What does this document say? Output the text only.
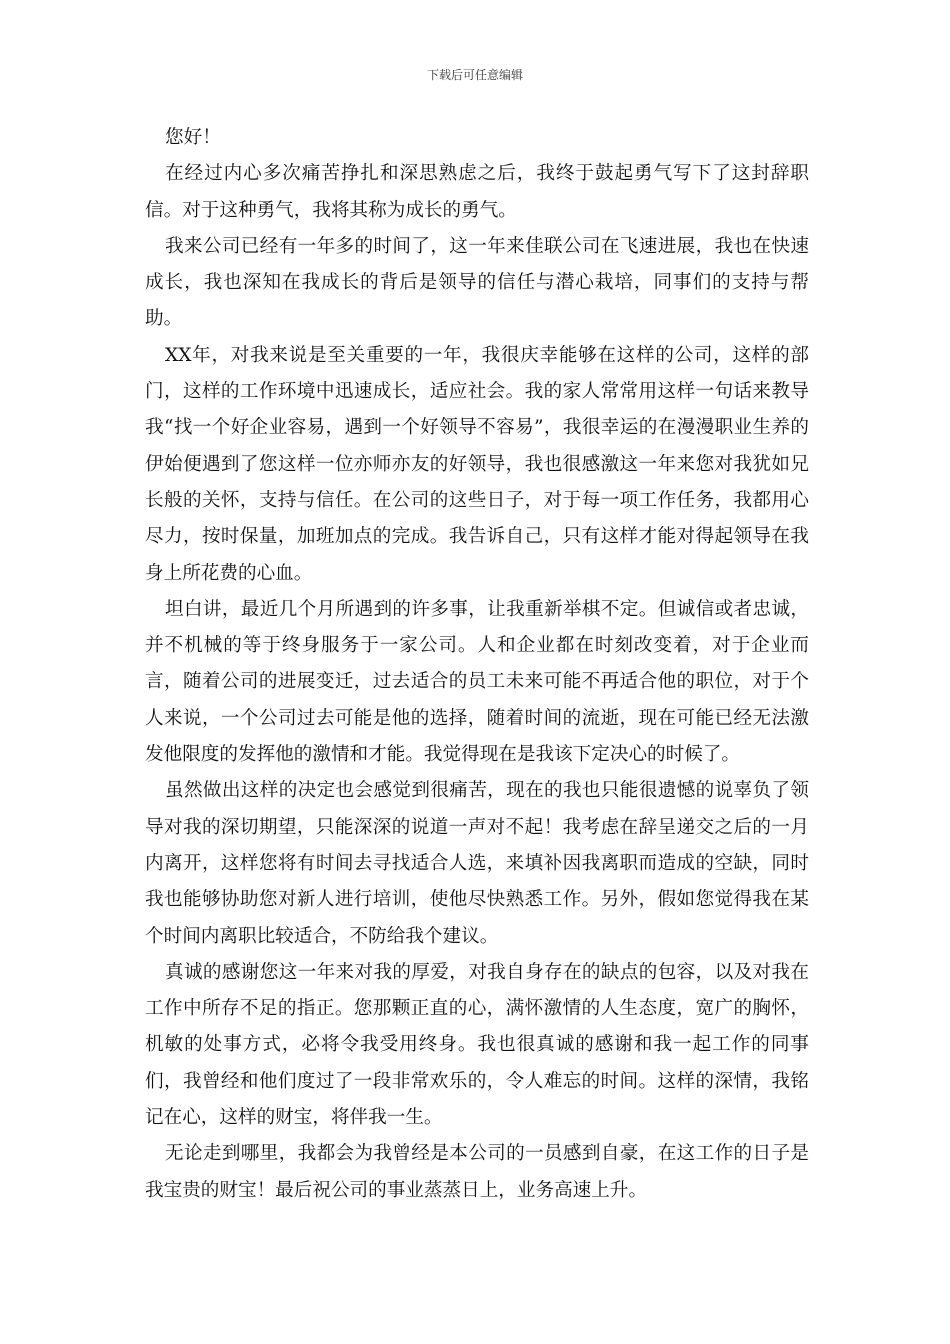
下载后可任意编辑

您好！

在经过内心多次痛苦挣扎和深思熟虑之后，我终于鼓起勇气写下了这封辞职信。对于这种勇气，我将其称为成长的勇气。

我来公司已经有一年多的时间了，这一年来佳联公司在飞速进展，我也在快速成长，我也深知在我成长的背后是领导的信任与潜心栽培，同事们的支持与帮助。

XX年，对我来说是至关重要的一年，我很庆幸能够在这样的公司，这样的部门，这样的工作环境中迅速成长，适应社会。我的家人常常用这样一句话来教导我“找一个好企业容易，遇到一个好领导不容易”，我很幸运的在漫漫职业生养的伊始便遇到了您这样一位亦师亦友的好领导，我也很感激这一年来您对我犹如兄长般的关怀，支持与信任。在公司的这些日子，对于每一项工作任务，我都用心尽力，按时保量，加班加点的完成。我告诉自己，只有这样才能对得起领导在我身上所花费的心血。

坦白讲，最近几个月所遇到的许多事，让我重新举棋不定。但诚信或者忠诚，并不机械的等于终身服务于一家公司。人和企业都在时刻改变着，对于企业而言，随着公司的进展变迁，过去适合的员工未来可能不再适合他的职位，对于个人来说，一个公司过去可能是他的选择，随着时间的流逝，现在可能已经无法激发他限度的发挥他的激情和才能。我觉得现在是我该下定决心的时候了。

虽然做出这样的决定也会感觉到很痛苦，现在的我也只能很遗憾的说辜负了领导对我的深切期望，只能深深的说道一声对不起！我考虑在辞呈递交之后的一月内离开，这样您将有时间去寻找适合人选，来填补因我离职而造成的空缺，同时我也能够协助您对新人进行培训，使他尽快熟悉工作。另外，假如您觉得我在某个时间内离职比较适合，不防给我个建议。

真诚的感谢您这一年来对我的厚爱，对我自身存在的缺点的包容，以及对我在工作中所存不足的指正。您那颗正直的心，满怀激情的人生态度，宽广的胸怀，机敏的处事方式，必将令我受用终身。我也很真诚的感谢和我一起工作的同事们，我曾经和他们度过了一段非常欢乐的，令人难忘的时间。这样的深情，我铭记在心，这样的财宝，将伴我一生。

无论走到哪里，我都会为我曾经是本公司的一员感到自豪，在这工作的日子是我宝贵的财宝！最后祝公司的事业蒸蒸日上，业务高速上升。
